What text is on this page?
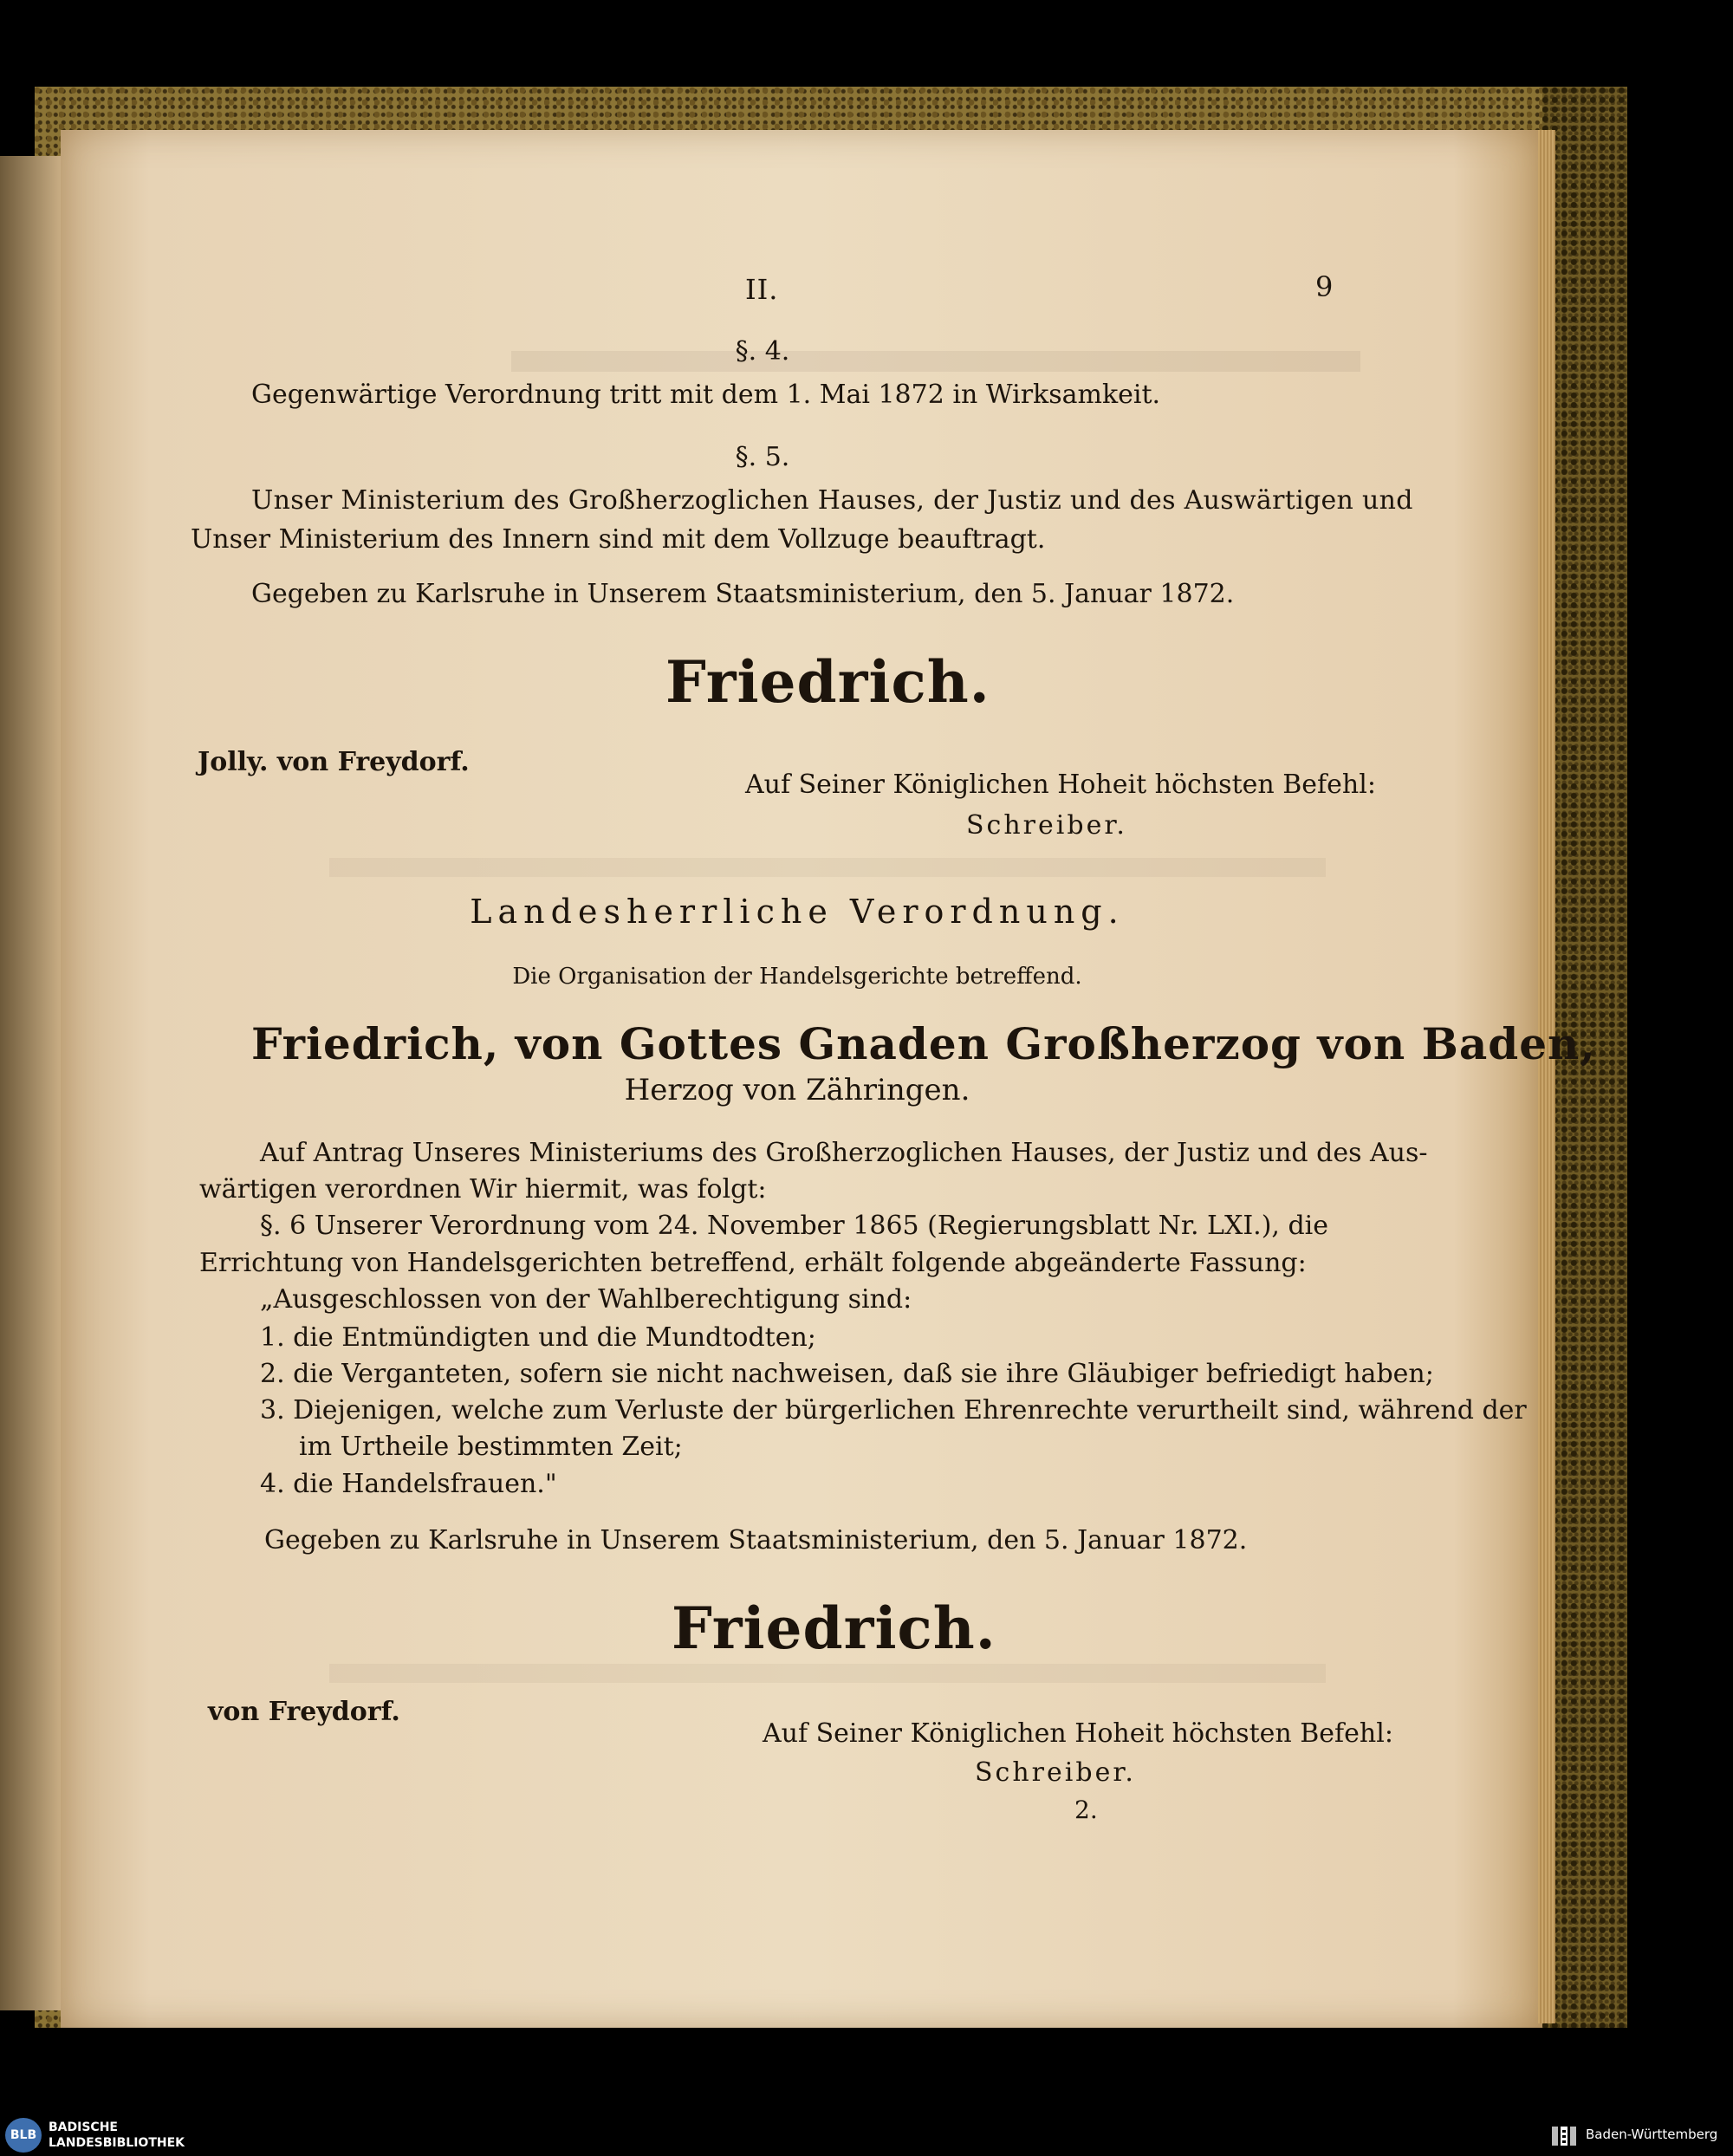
II.	9
§. 4.
Gegenwärtige Verordnung tritt mit dem 1. Mai 1872 in Wirksamkeit.
§. 5.
Unser Ministerium des Großherzoglichen Hauses, der Justiz und des Auswärtigen und
Unser Ministerium des Innern sind mit dem Vollzuge beauftragt.
Gegeben zu Karlsruhe in Unserem Staatsministerium, den 5. Januar 1872.
Friedrich.
Jolly. von Freydorf.
Auf Seiner Königlichen Hoheit höchsten Befehl:
Schreiber.
Landesherrliche Verordnung.
Die Organisation der Handelsgerichte betreffend.
Friedrich, von Gottes Gnaden Großherzog von Baden,
Herzog von Zähringen.
Auf Antrag Unseres Ministeriums des Großherzoglichen Hauses, der Justiz und des Aus-
wärtigen verordnen Wir hiermit, was folgt:
§. 6 Unserer Verordnung vom 24. November 1865 (Regierungsblatt Nr. LXI.), die
Errichtung von Handelsgerichten betreffend, erhält folgende abgeänderte Fassung:
„Ausgeschlossen von der Wahlberechtigung sind:
1. die Entmündigten und die Mundtodten;
2. die Verganteten, sofern sie nicht nachweisen, daß sie ihre Gläubiger befriedigt haben;
3. Diejenigen, welche zum Verluste der bürgerlichen Ehrenrechte verurtheilt sind, während der
im Urtheile bestimmten Zeit;
4. die Handelsfrauen."
Gegeben zu Karlsruhe in Unserem Staatsministerium, den 5. Januar 1872.
Friedrich.
von Freydorf.
Auf Seiner Königlichen Hoheit höchsten Befehl:
Schreiber.
2.
BLB
BADISCHE
LANDESBIBLIOTHEK
Baden-Württemberg
